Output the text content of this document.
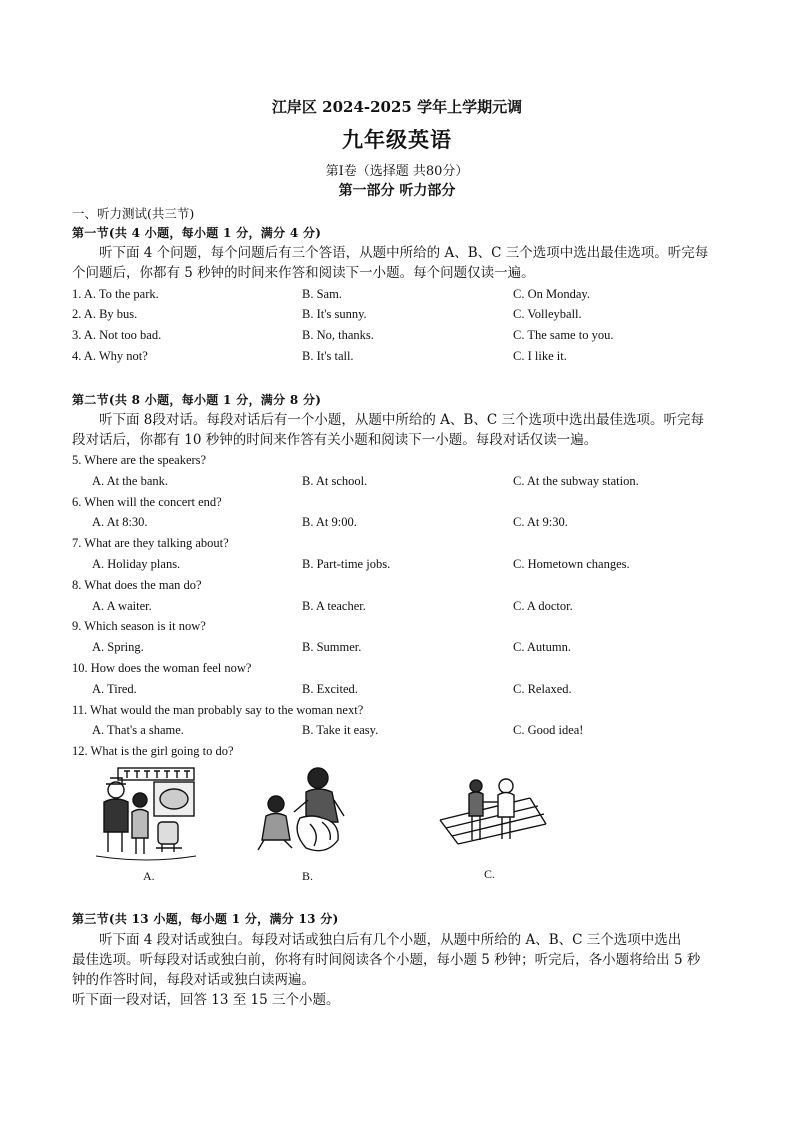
江岸区 2024-2025 学年上学期元调
九年级英语
第Ⅰ卷（选择题 共80分）
第一部分 听力部分
一、听力测试(共三节)
第一节(共 4 小题，每小题 1 分，满分 4 分)
听下面 4 个问题，每个问题后有三个答语，从题中所给的 A、B、C 三个选项中选出最佳选项。听完每
个问题后，你都有 5 秒钟的时间来作答和阅读下一小题。每个问题仅读一遍。
1. A. To the park.	B. Sam.	C. On Monday.
2. A. By bus.	B. It's sunny.	C. Volleyball.
3. A. Not too bad.	B. No, thanks.	C. The same to you.
4. A. Why not?	B. It's tall.	C. I like it.
第二节(共 8 小题，每小题 1 分，满分 8 分)
听下面 8段对话。每段对话后有一个小题，从题中所给的 A、B、C 三个选项中选出最佳选项。听完每
段对话后，你都有 10 秒钟的时间来作答有关小题和阅读下一小题。每段对话仅读一遍。
5. Where are the speakers?
A. At the bank.	B. At school.	C. At the subway station.
6. When will the concert end?
A. At 8:30.	B. At 9:00.	C. At 9:30.
7. What are they talking about?
A. Holiday plans.	B. Part-time jobs.	C. Hometown changes.
8. What does the man do?
A. A waiter.	B. A teacher.	C. A doctor.
9. Which season is it now?
A. Spring.	B. Summer.	C. Autumn.
10. How does the woman feel now?
A. Tired.	B. Excited.	C. Relaxed.
11. What would the man probably say to the woman next?
A. That's a shame.	B. Take it easy.	C. Good idea!
12. What is the girl going to do?
A.	B.	C.
第三节(共 13 小题，每小题 1 分，满分 13 分)
听下面 4 段对话或独白。每段对话或独白后有几个小题，从题中所给的 A、B、C 三个选项中选出
最佳选项。听每段对话或独白前，你将有时间阅读各个小题，每小题 5 秒钟；听完后，各小题将给出 5 秒
钟的作答时间，每段对话或独白读两遍。
听下面一段对话，回答 13 至 15 三个小题。
